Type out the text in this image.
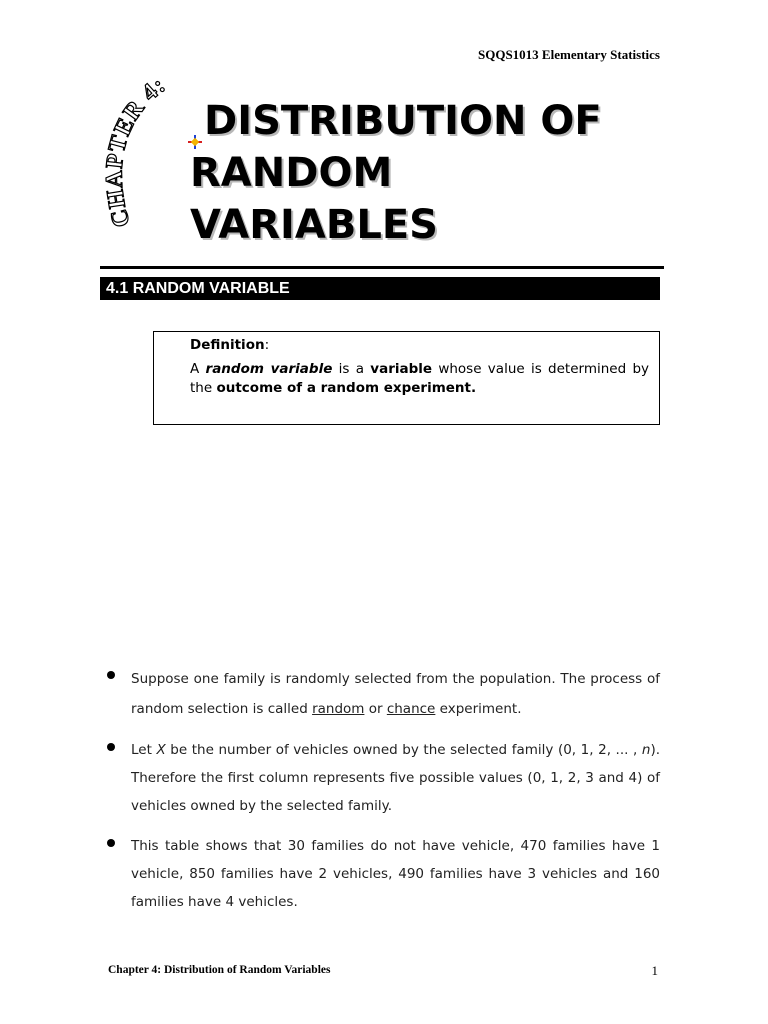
SQQS1013 Elementary Statistics
CHAPTER 4:
DISTRIBUTION OF
RANDOM
VARIABLES
4.1 RANDOM VARIABLE

Definition:

A random variable is a variable whose value is determined by the outcome of a random experiment.

Suppose one family is randomly selected from the population. The process of random selection is called random or chance experiment.
Let X be the number of vehicles owned by the selected family (0, 1, 2, ... , n). Therefore the first column represents five possible values (0, 1, 2, 3 and 4) of vehicles owned by the selected family.
This table shows that 30 families do not have vehicle, 470 families have 1 vehicle, 850 families have 2 vehicles, 490 families have 3 vehicles and 160 families have 4 vehicles.
Chapter 4: Distribution of Random Variables	1
